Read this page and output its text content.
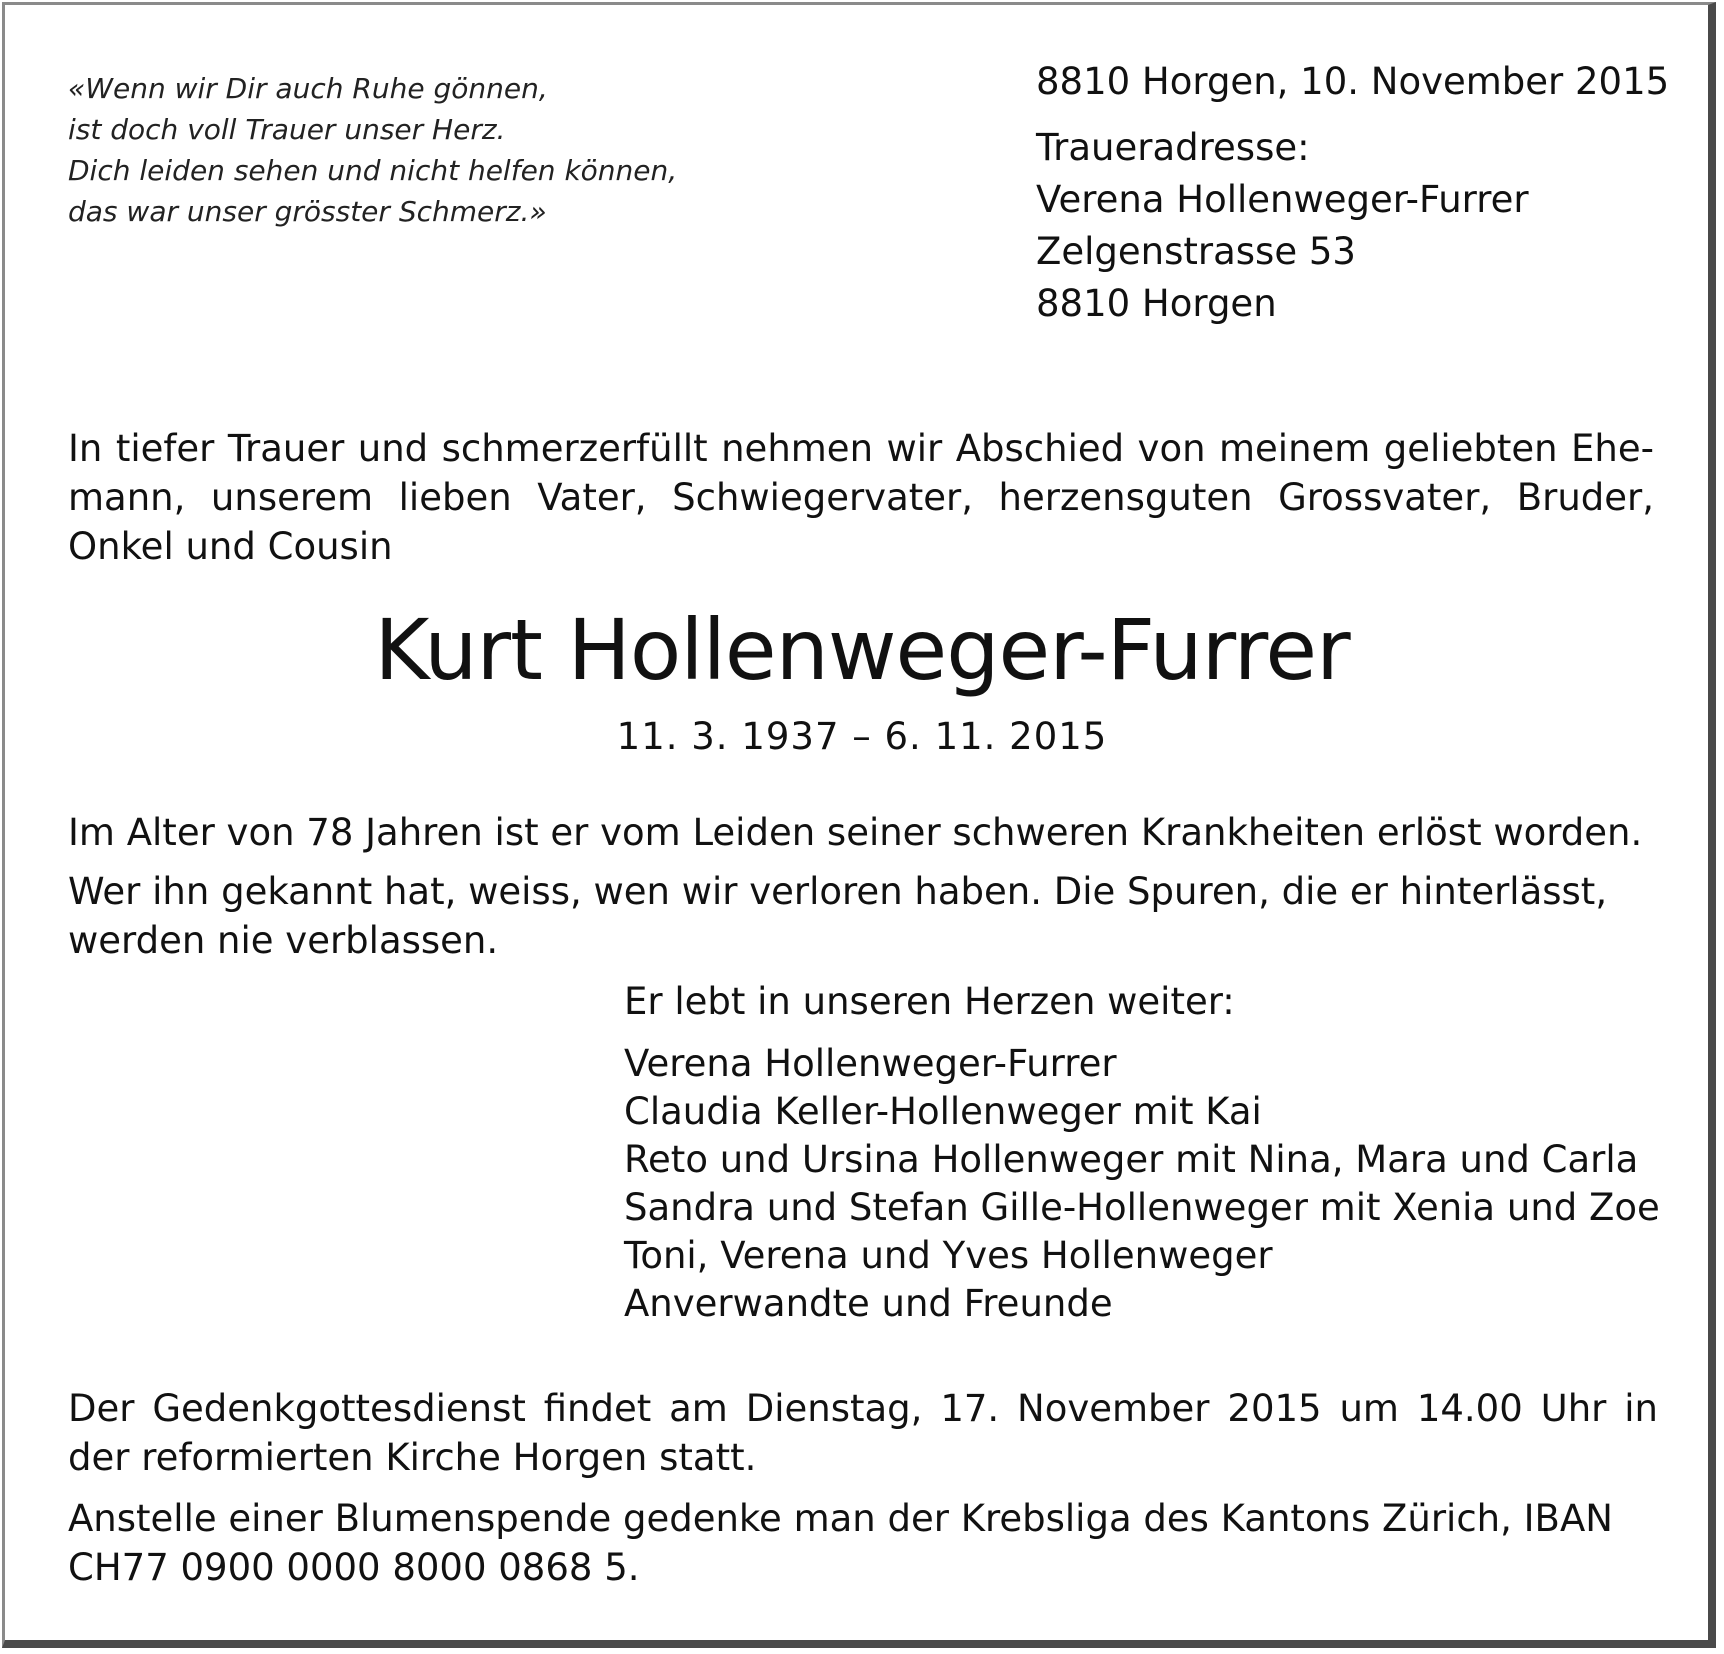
«Wenn wir Dir auch Ruhe gönnen,
ist doch voll Trauer unser Herz.
Dich leiden sehen und nicht helfen können,
das war unser grösster Schmerz.»
8810 Horgen, 10. November 2015
Traueradresse:
Verena Hollenweger-Furrer
Zelgenstrasse 53
8810 Horgen
In tiefer Trauer und schmerzerfüllt nehmen wir Abschied von meinem geliebten Ehemann, unserem lieben Vater, Schwiegervater, herzensguten Grossvater, Bruder, Onkel und Cousin
Kurt Hollenweger-Furrer
11. 3. 1937 – 6. 11. 2015
Im Alter von 78 Jahren ist er vom Leiden seiner schweren Krankheiten erlöst worden.
Wer ihn gekannt hat, weiss, wen wir verloren haben. Die Spuren, die er hinterlässt, werden nie verblassen.
Er lebt in unseren Herzen weiter:
Verena Hollenweger-Furrer
Claudia Keller-Hollenweger mit Kai
Reto und Ursina Hollenweger mit Nina, Mara und Carla
Sandra und Stefan Gille-Hollenweger mit Xenia und Zoe
Toni, Verena und Yves Hollenweger
Anverwandte und Freunde
Der Gedenkgottesdienst findet am Dienstag, 17. November 2015 um 14.00 Uhr in der reformierten Kirche Horgen statt.
Anstelle einer Blumenspende gedenke man der Krebsliga des Kantons Zürich, IBAN CH77 0900 0000 8000 0868 5.
